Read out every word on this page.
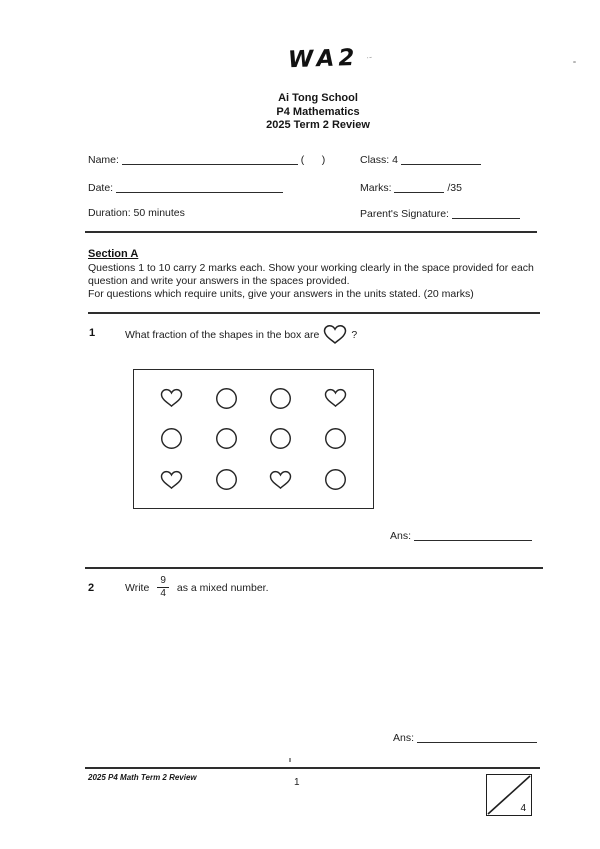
WA2 ·-
Ai Tong School
P4 Mathematics
2025 Term 2 Review
Name:	(      )
Date:
Duration: 50 minutes
Class: 4
Marks:	/35
Parent's Signature:
Section A

Questions 1 to 10 carry 2 marks each. Show your working clearly in the space provided for each question and write your answers in the spaces provided.

For questions which require units, give your answers in the units stated. (20 marks)

1	What fraction of the shapes in the box are	?
Ans:
2	Write $\frac{9}{4}$ as a mixed number.
Ans:
2025 P4 Math Term 2 Review	1
4
